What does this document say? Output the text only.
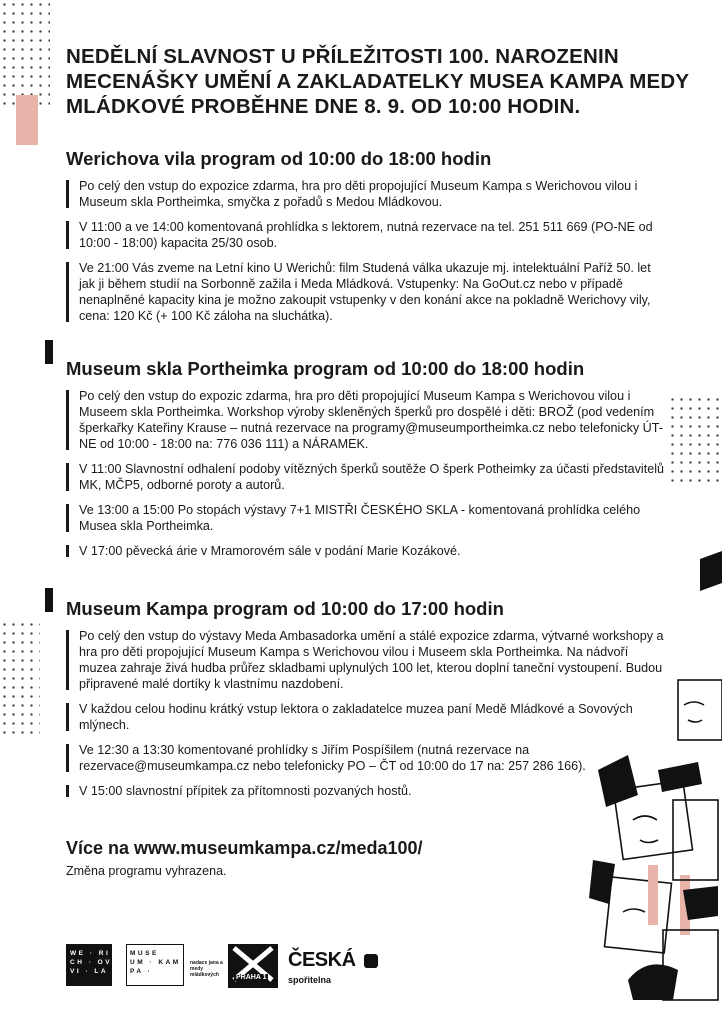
NEDĚLNÍ SLAVNOST U PŘÍLEŽITOSTI 100. NAROZENIN MECENÁŠKY UMĚNÍ A ZAKLADATELKY MUSEA KAMPA MEDY MLÁDKOVÉ PROBĚHNE DNE 8. 9. OD 10:00 HODIN.
Werichova vila program od 10:00 do 18:00 hodin
Po celý den vstup do expozice zdarma, hra pro děti propojující Museum Kampa s Werichovou vilou i Museum skla Portheimka, smyčka z pořadů s Medou Mládkovou.
V 11:00 a ve 14:00 komentovaná prohlídka s lektorem, nutná rezervace na tel. 251 511 669 (PO-NE od 10:00 - 18:00) kapacita 25/30 osob.
Ve 21:00 Vás zveme na Letní kino U Werichů: film Studená válka ukazuje mj. intelektuální Paříž 50. let jak ji během studií na Sorbonně zažila i Meda Mládková. Vstupenky: Na GoOut.cz nebo v případě nenaplněné kapacity kina je možno zakoupit vstupenky v den konání akce na pokladně Werichovy vily, cena: 120 Kč (+ 100 Kč záloha na sluchátka).
Museum skla Portheimka program od 10:00 do 18:00 hodin
Po celý den vstup do expozic zdarma, hra pro děti propojující Museum Kampa s Werichovou vilou i Museem skla Portheimka. Workshop výroby skleněných šperků pro dospělé i děti: BROŽ (pod vedením šperkařky Kateřiny Krause – nutná rezervace na programy@museumportheimka.cz nebo telefonicky ÚT-NE od 10:00 - 18:00 na: 776 036 111) a NÁRAMEK.
V 11:00 Slavnostní odhalení podoby vítězných šperků soutěže O šperk Potheimky za účasti představitelů MK, MČP5, odborné poroty a autorů.
Ve 13:00 a 15:00 Po stopách výstavy 7+1 MISTŘI ČESKÉHO SKLA - komentovaná prohlídka celého Musea skla Portheimka.
V 17:00 pěvecká árie v Mramorovém sále v podání Marie Kozákové.
Museum Kampa program od 10:00 do 17:00 hodin
Po celý den vstup do výstavy Meda Ambasadorka umění a stálé expozice zdarma, výtvarné workshopy a hra pro děti propojující Museum Kampa s Werichovou vilou i Museem skla Portheimka. Na nádvoří muzea zahraje živá hudba průřez skladbami uplynulých 100 let, kterou doplní taneční vystoupení. Budou připravené malé dortíky k vlastnímu nazdobení.
V každou celou hodinu krátký vstup lektora o zakladatelce muzea paní Medě Mládkové a Sovových mlýnech.
Ve 12:30 a 13:30 komentované prohlídky s Jiřím Pospíšilem (nutná rezervace na rezervace@museumkampa.cz nebo telefonicky PO – ČT od 10:00 do 17 na: 257 286 166).
V 15:00 slavnostní přípitek za přítomnosti pozvaných hostů.
Více na www.museumkampa.cz/meda100/
Změna programu vyhrazena.
WE · RI
CH · OVA
VI · LA
MUSE
UM · KAM
PA ·
nadace jana a medy mládkových	PRAHA 1
ČESKÁ
spořitelna
